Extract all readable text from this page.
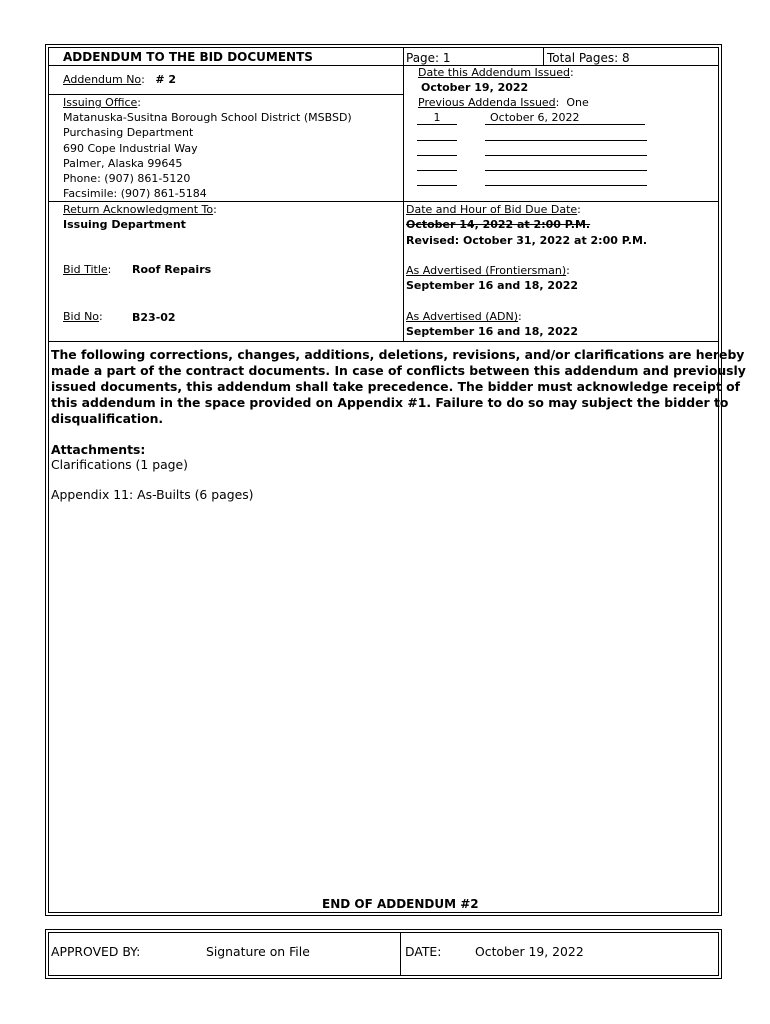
ADDENDUM TO THE BID DOCUMENTS	Page: 1	Total Pages: 8
Addendum No:   # 2
Date this Addendum Issued:
October 19, 2022
Issuing Office:
Matanuska-Susitna Borough School District (MSBSD)
Purchasing Department
690 Cope Industrial Way
Palmer, Alaska 99645
Phone: (907) 861-5120
Facsimile: (907) 861-5184
Previous Addenda Issued:  One
1	October 6, 2022
Return Acknowledgment To:
Issuing Department
Date and Hour of Bid Due Date:
October 14, 2022 at 2:00 P.M.
Revised: October 31, 2022 at 2:00 P.M.
Bid Title: Roof Repairs	As Advertised (Frontiersman):
September 16 and 18, 2022
Bid No:	B23-02	As Advertised (ADN):
September 16 and 18, 2022
The following corrections, changes, additions, deletions, revisions, and/or clarifications are hereby
made a part of the contract documents. In case of conflicts between this addendum and previously
issued documents, this addendum shall take precedence. The bidder must acknowledge receipt of
this addendum in the space provided on Appendix #1. Failure to do so may subject the bidder to
disqualification.
Attachments:
Clarifications (1 page)
Appendix 11: As-Builts (6 pages)
END OF ADDENDUM #2
APPROVED BY:	Signature on File	DATE:	October 19, 2022
